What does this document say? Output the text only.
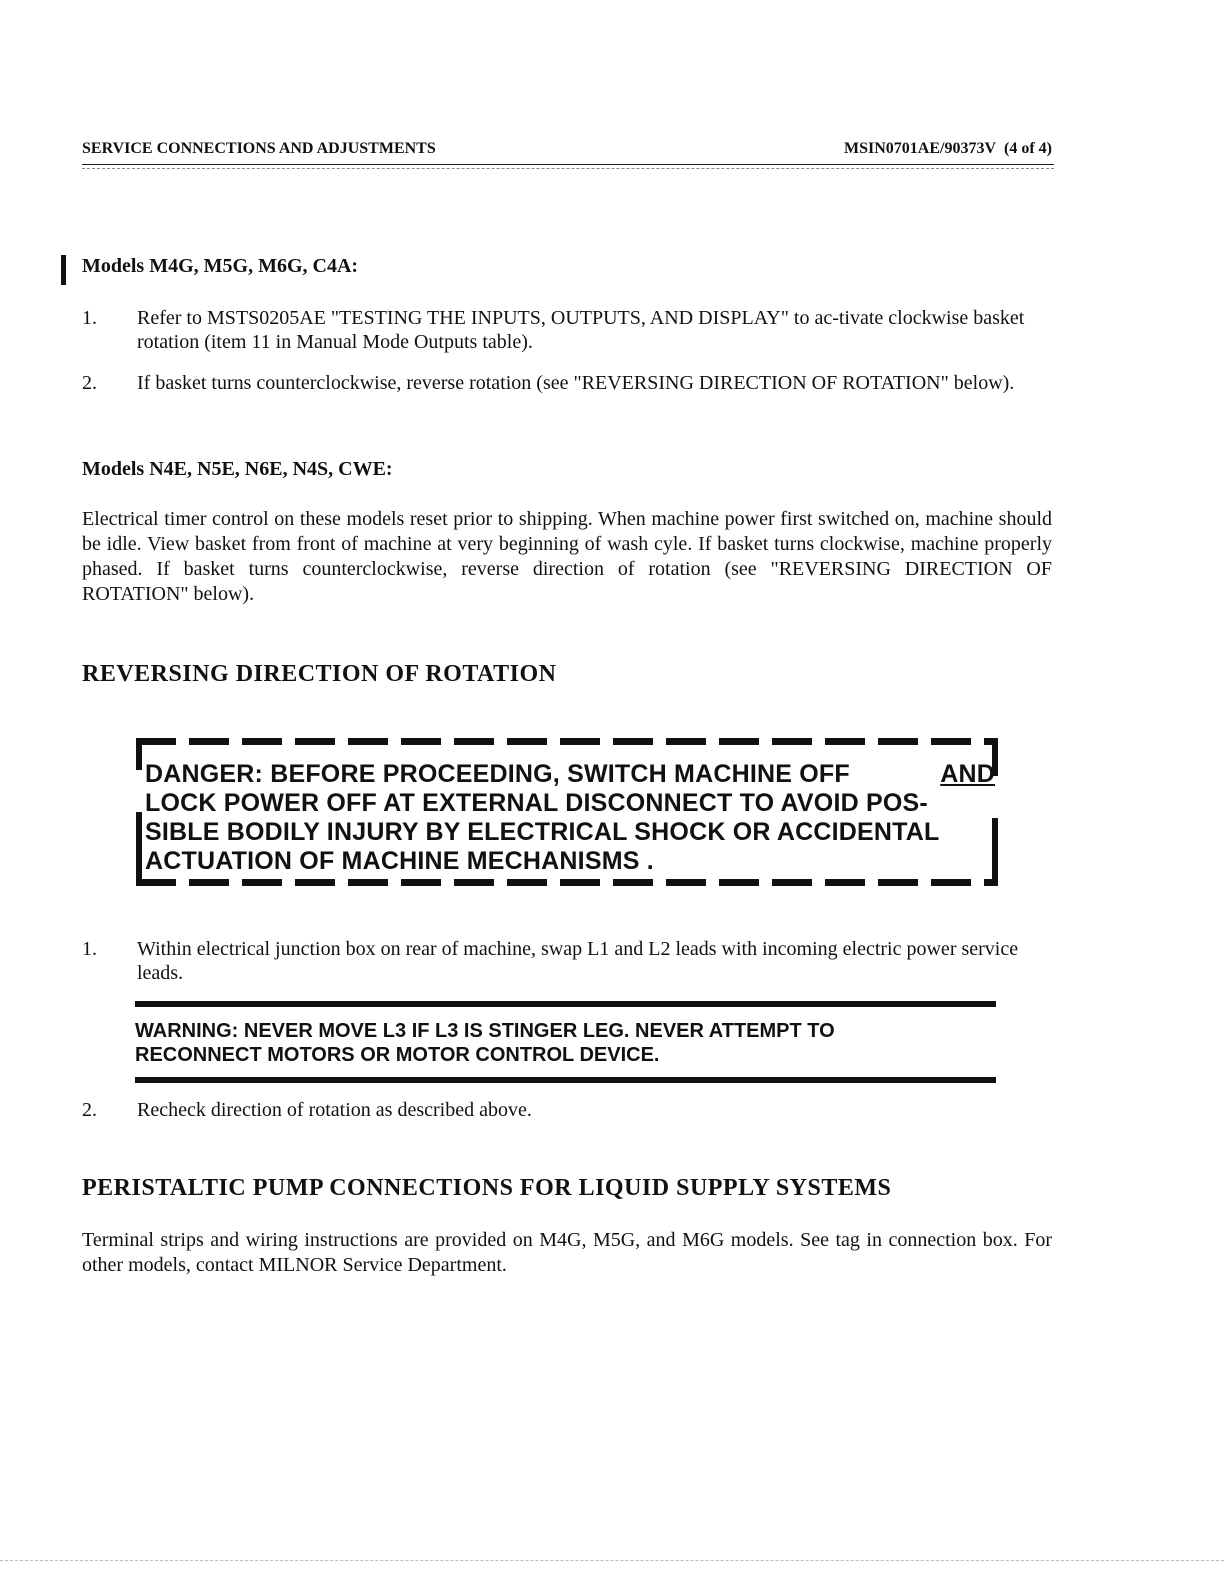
SERVICE CONNECTIONS AND ADJUSTMENTS	MSIN0701AE/90373V (4 of 4)
Models M4G, M5G, M6G, C4A:
1. Refer to MSTS0205AE "TESTING THE INPUTS, OUTPUTS, AND DISPLAY" to ac-tivate clockwise basket rotation (item 11 in Manual Mode Outputs table).
2. If basket turns counterclockwise, reverse rotation (see "REVERSING DIRECTION OF ROTATION" below).
Models N4E, N5E, N6E, N4S, CWE:
Electrical timer control on these models reset prior to shipping. When machine power first switched on, machine should be idle. View basket from front of machine at very beginning of wash cyle. If basket turns clockwise, machine properly phased. If basket turns counterclockwise, reverse direction of rotation (see "REVERSING DIRECTION OF ROTATION" below).
REVERSING DIRECTION OF ROTATION
DANGER: BEFORE PROCEEDING, SWITCH MACHINE OFF	AND
LOCK POWER OFF AT EXTERNAL DISCONNECT TO AVOID POS-
SIBLE BODILY INJURY BY ELECTRICAL SHOCK OR ACCIDENTAL
ACTUATION OF MACHINE MECHANISMS .
1. Within electrical junction box on rear of machine, swap L1 and L2 leads with incoming electric power service leads.
WARNING: NEVER MOVE L3 IF L3 IS STINGER LEG. NEVER ATTEMPT TO
RECONNECT MOTORS OR MOTOR CONTROL DEVICE.
2. Recheck direction of rotation as described above.
PERISTALTIC PUMP CONNECTIONS FOR LIQUID SUPPLY SYSTEMS
Terminal strips and wiring instructions are provided on M4G, M5G, and M6G models. See tag in connection box. For other models, contact MILNOR Service Department.
